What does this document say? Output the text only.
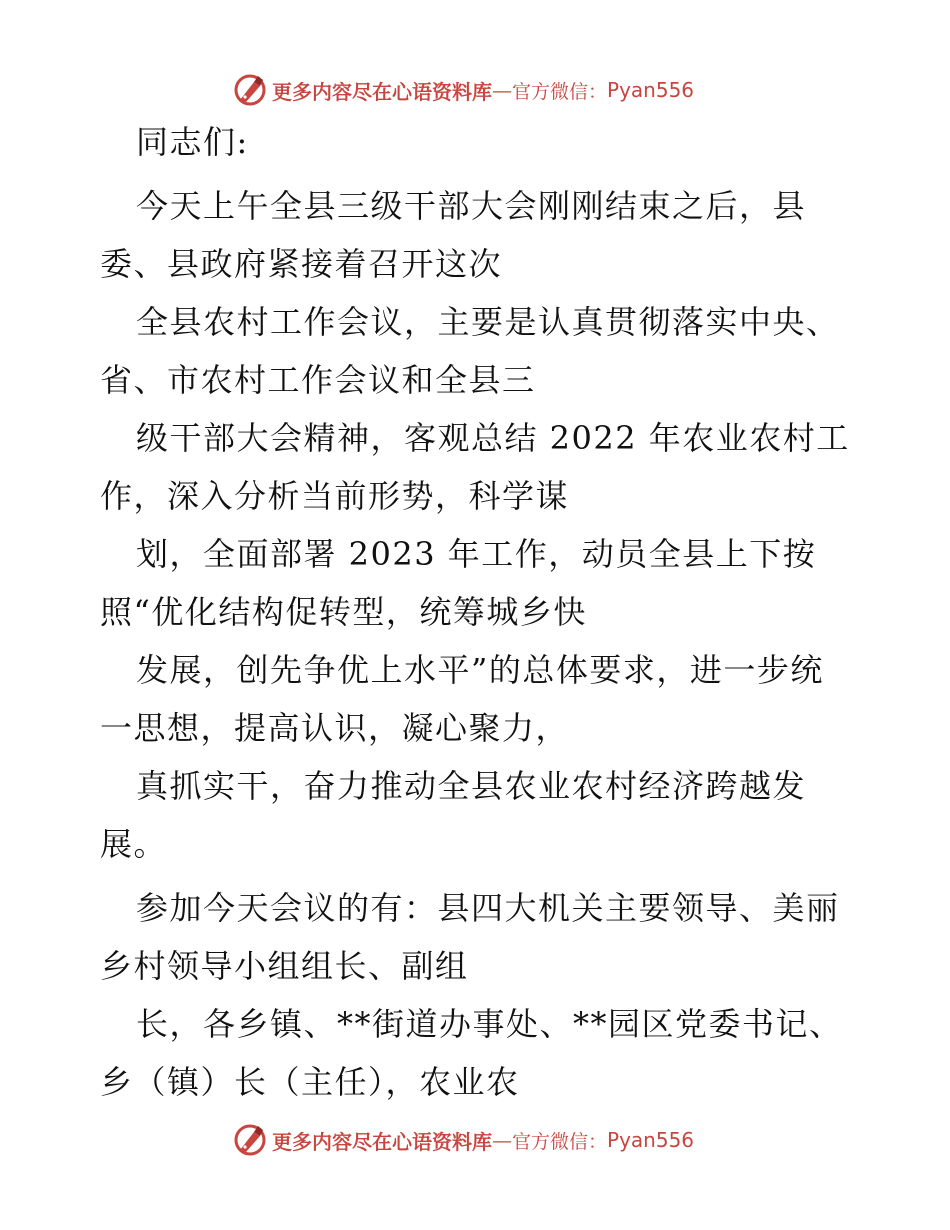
更多内容尽在心语资料库 — 官方微信： Pyan556
同志们:
今天上午全县三级干部大会刚刚结束之后，县
委、县政府紧接着召开这次
全县农村工作会议，主要是认真贯彻落实中央、
省、市农村工作会议和全县三
级干部大会精神，客观总结 2022 年农业农村工
作，深入分析当前形势，科学谋
划，全面部署 2023 年工作，动员全县上下按
照“优化结构促转型，统筹城乡快
发展，创先争优上水平”的总体要求，进一步统
一思想，提高认识，凝心聚力，
真抓实干，奋力推动全县农业农村经济跨越发
展。
参加今天会议的有：县四大机关主要领导、美丽
乡村领导小组组长、副组
长，各乡镇、**街道办事处、**园区党委书记、
乡（镇）长（主任），农业农
更多内容尽在心语资料库 — 官方微信： Pyan556
